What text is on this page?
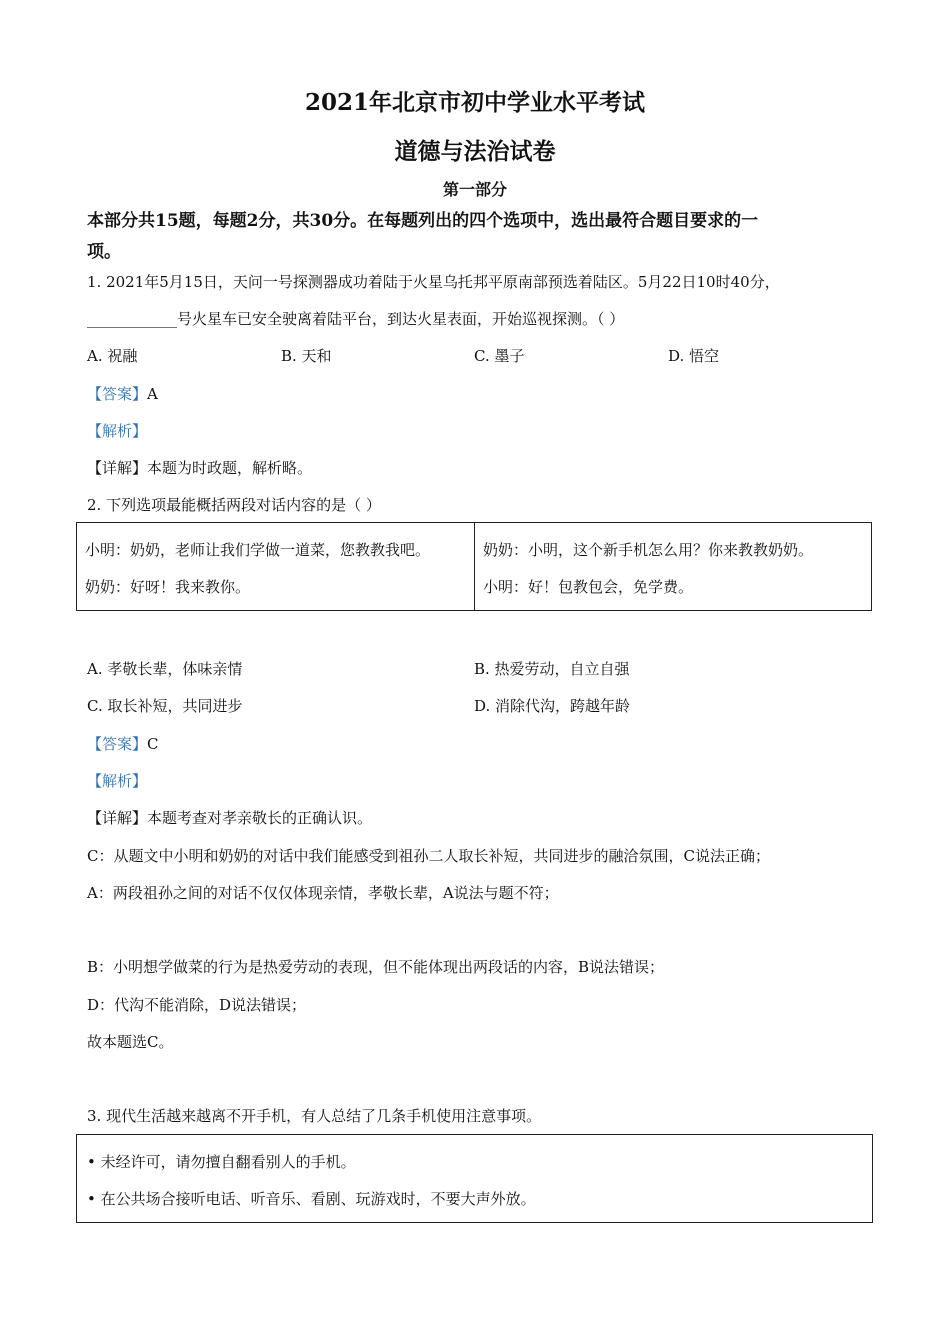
2021年北京市初中学业水平考试
道德与法治试卷
第一部分
本部分共15题，每题2分，共30分。在每题列出的四个选项中，选出最符合题目要求的一
项。
1. 2021年5月15日，天问一号探测器成功着陆于火星乌托邦平原南部预选着陆区。5月22日10时40分，
____________号火星车已安全驶离着陆平台，到达火星表面，开始巡视探测。（ ）
A. 祝融	B. 天和	C. 墨子	D. 悟空
【答案】A
【解析】
【详解】本题为时政题，解析略。
2. 下列选项最能概括两段对话内容的是（ ）
小明：奶奶，老师让我们学做一道菜，您教教我吧。
奶奶：好呀！我来教你。
奶奶：小明，这个新手机怎么用？你来教教奶奶。
小明：好！包教包会，免学费。
A. 孝敬长辈，体味亲情	B. 热爱劳动，自立自强
C. 取长补短，共同进步	D. 消除代沟，跨越年龄
【答案】C
【解析】
【详解】本题考查对孝亲敬长的正确认识。
C：从题文中小明和奶奶的对话中我们能感受到祖孙二人取长补短，共同进步的融洽氛围，C说法正确；
A：两段祖孙之间的对话不仅仅体现亲情，孝敬长辈，A说法与题不符；
B：小明想学做菜的行为是热爱劳动的表现，但不能体现出两段话的内容，B说法错误；
D：代沟不能消除，D说法错误；
故本题选C。
3. 现代生活越来越离不开手机，有人总结了几条手机使用注意事项。
• 未经许可，请勿擅自翻看别人的手机。
• 在公共场合接听电话、听音乐、看剧、玩游戏时，不要大声外放。
